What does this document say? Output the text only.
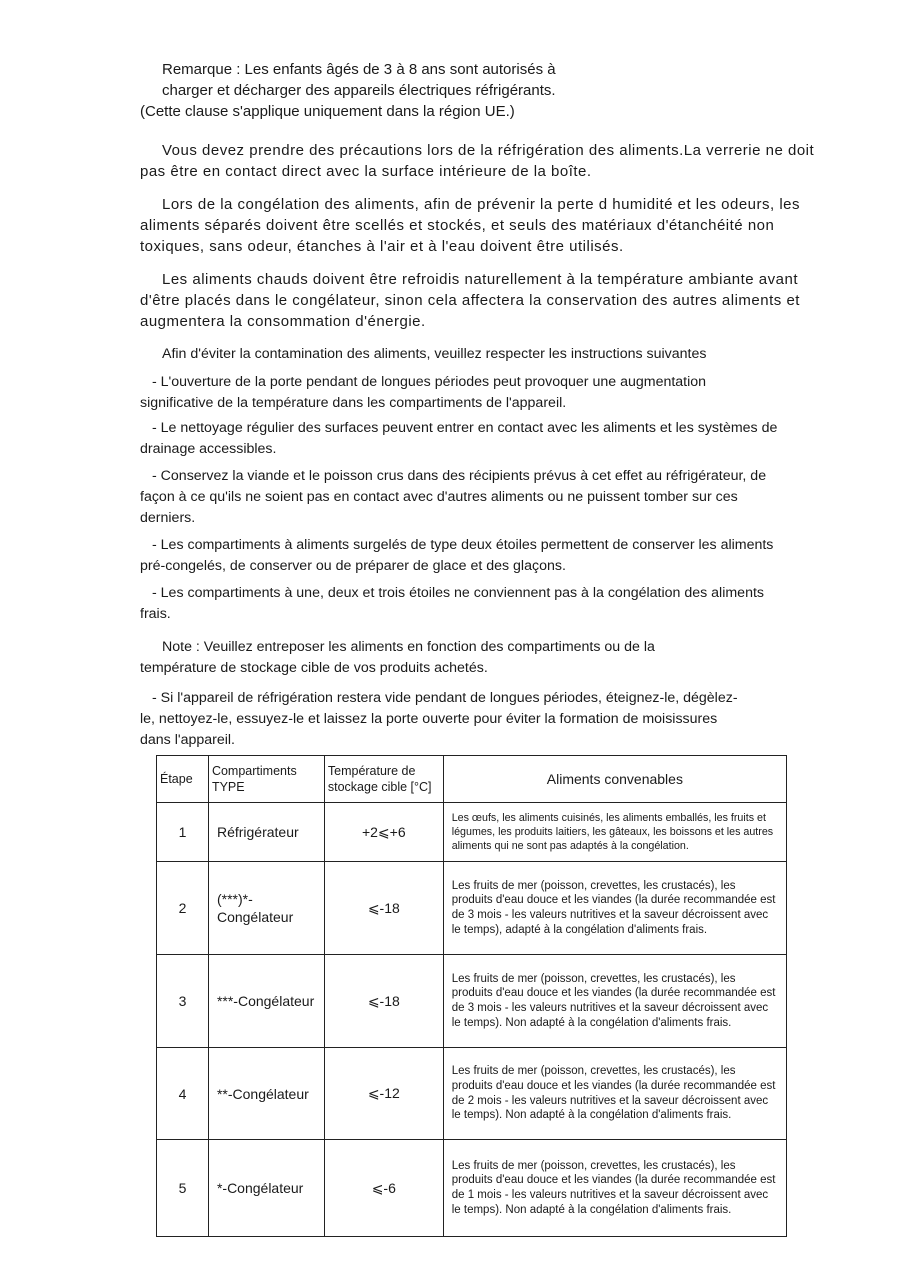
Remarque : Les enfants âgés de 3 à 8 ans sont autorisés à
charger et décharger des appareils électriques réfrigérants.
(Cette clause s'applique uniquement dans la région UE.)

Vous devez prendre des précautions lors de la réfrigération des aliments.La verrerie ne doit pas être en contact direct avec la surface intérieure de la boîte.

Lors de la congélation des aliments, afin de prévenir la perte d humidité et les odeurs, les aliments séparés doivent être scellés et stockés, et seuls des matériaux d'étanchéité non toxiques, sans odeur, étanches à l'air et à l'eau doivent être utilisés.

Les aliments chauds doivent être refroidis naturellement à la température ambiante avant d'être placés dans le congélateur, sinon cela affectera la conservation des autres aliments et augmentera la consommation d'énergie.

Afin d'éviter la contamination des aliments, veuillez respecter les instructions suivantes

- L'ouverture de la porte pendant de longues périodes peut provoquer une augmentation significative de la température dans les compartiments de l'appareil.

- Le nettoyage régulier des surfaces peuvent entrer en contact avec les aliments et les systèmes de drainage accessibles.

- Conservez la viande et le poisson crus dans des récipients prévus à cet effet au réfrigérateur, de façon à ce qu'ils ne soient pas en contact avec d'autres aliments ou ne puissent tomber sur ces derniers.

- Les compartiments à aliments surgelés de type deux étoiles permettent de conserver les aliments pré-congelés, de conserver ou de préparer de glace et des glaçons.

- Les compartiments à une, deux et trois étoiles ne conviennent pas à la congélation des aliments frais.

Note : Veuillez entreposer les aliments en fonction des compartiments ou de la température de stockage cible de vos produits achetés.

- Si l'appareil de réfrigération restera vide pendant de longues périodes, éteignez-le, dégèlez-le, nettoyez-le, essuyez-le et laissez la porte ouverte pour éviter la formation de moisissures dans l'appareil.

Étape	Compartiments TYPE	Température de stockage cible [°C]	Aliments convenables
1	Réfrigérateur	+2⩽+6	Les œufs, les aliments cuisinés, les aliments emballés, les fruits et légumes, les produits laitiers, les gâteaux, les boissons et les autres aliments qui ne sont pas adaptés à la congélation.
2	(***)*-Congélateur	⩽-18	Les fruits de mer (poisson, crevettes, les crustacés), les produits d'eau douce et les viandes (la durée recommandée est de 3 mois - les valeurs nutritives et la saveur décroissent avec le temps), adapté à la congélation d'aliments frais.
3	***-Congélateur	⩽-18	Les fruits de mer (poisson, crevettes, les crustacés), les produits d'eau douce et les viandes (la durée recommandée est de 3 mois - les valeurs nutritives et la saveur décroissent avec le temps). Non adapté à la congélation d'aliments frais.
4	**-Congélateur	⩽-12	Les fruits de mer (poisson, crevettes, les crustacés), les produits d'eau douce et les viandes (la durée recommandée est de 2 mois - les valeurs nutritives et la saveur décroissent avec le temps). Non adapté à la congélation d'aliments frais.
5	*-Congélateur	⩽-6	Les fruits de mer (poisson, crevettes, les crustacés), les produits d'eau douce et les viandes (la durée recommandée est de 1 mois - les valeurs nutritives et la saveur décroissent avec le temps). Non adapté à la congélation d'aliments frais.
